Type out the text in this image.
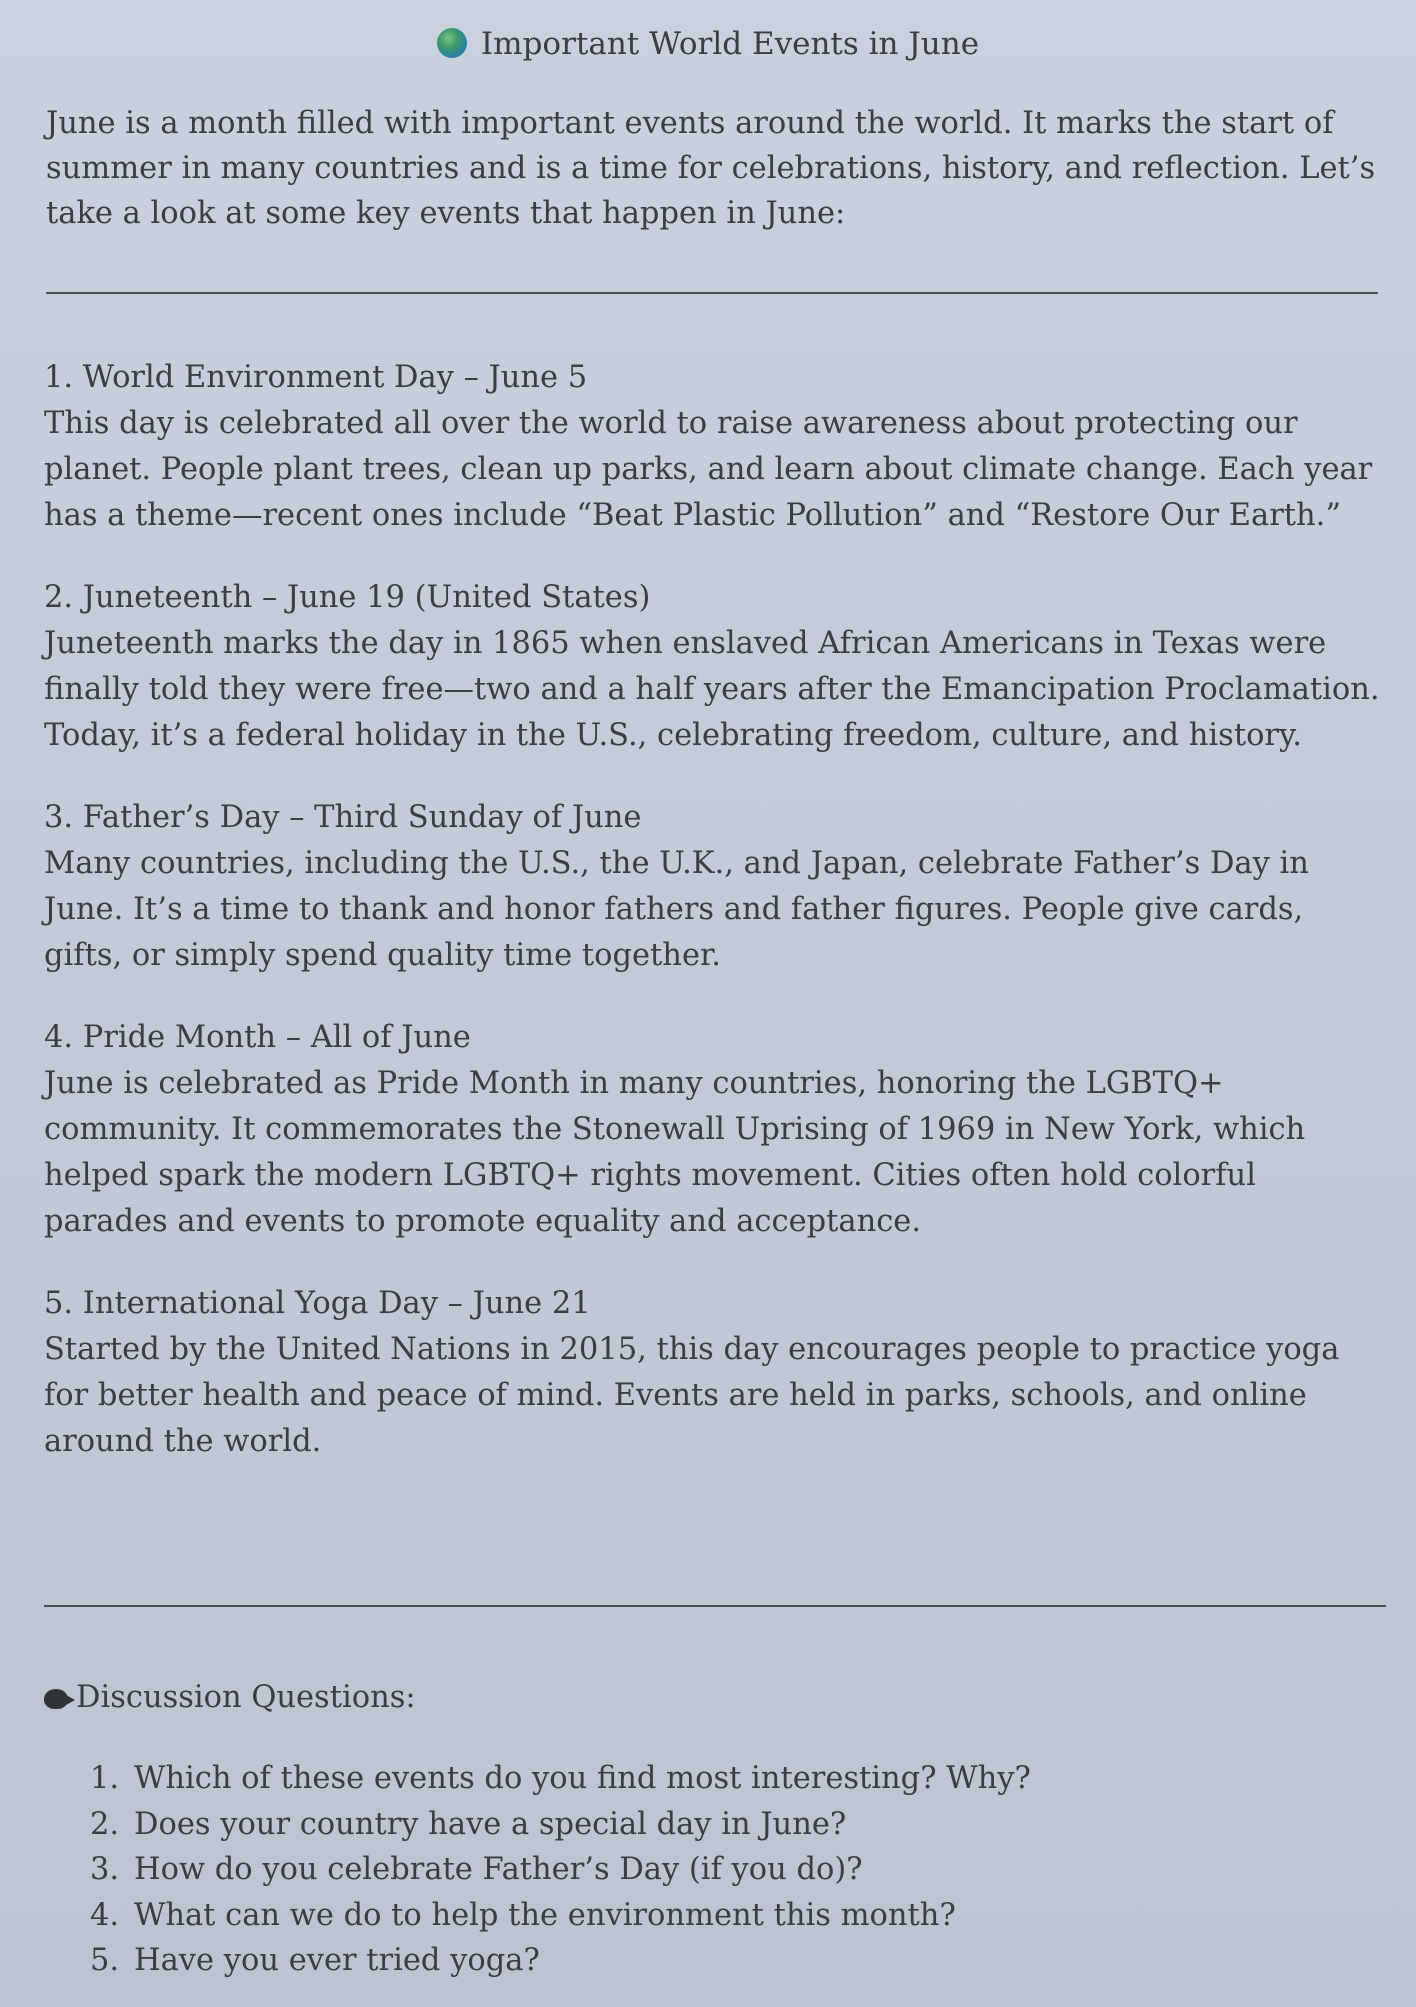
Important World Events in June
June is a month filled with important events around the world. It marks the start of summer in many countries and is a time for celebrations, history, and reflection. Let’s take a look at some key events that happen in June:

1. World Environment Day – June 5

This day is celebrated all over the world to raise awareness about protecting our planet. People plant trees, clean up parks, and learn about climate change. Each year has a theme—recent ones include “Beat Plastic Pollution” and “Restore Our Earth.”

2. Juneteenth – June 19 (United States)

Juneteenth marks the day in 1865 when enslaved African Americans in Texas were finally told they were free—two and a half years after the Emancipation Proclamation. Today, it’s a federal holiday in the U.S., celebrating freedom, culture, and history.

3. Father’s Day – Third Sunday of June

Many countries, including the U.S., the U.K., and Japan, celebrate Father’s Day in June. It’s a time to thank and honor fathers and father figures. People give cards, gifts, or simply spend quality time together.

4. Pride Month – All of June

June is celebrated as Pride Month in many countries, honoring the LGBTQ+ community. It commemorates the Stonewall Uprising of 1969 in New York, which helped spark the modern LGBTQ+ rights movement. Cities often hold colorful parades and events to promote equality and acceptance.

5. International Yoga Day – June 21

Started by the United Nations in 2015, this day encourages people to practice yoga for better health and peace of mind. Events are held in parks, schools, and online around the world.

Discussion Questions:
1. Which of these events do you find most interesting? Why?
2. Does your country have a special day in June?
3. How do you celebrate Father’s Day (if you do)?
4. What can we do to help the environment this month?
5. Have you ever tried yoga?
